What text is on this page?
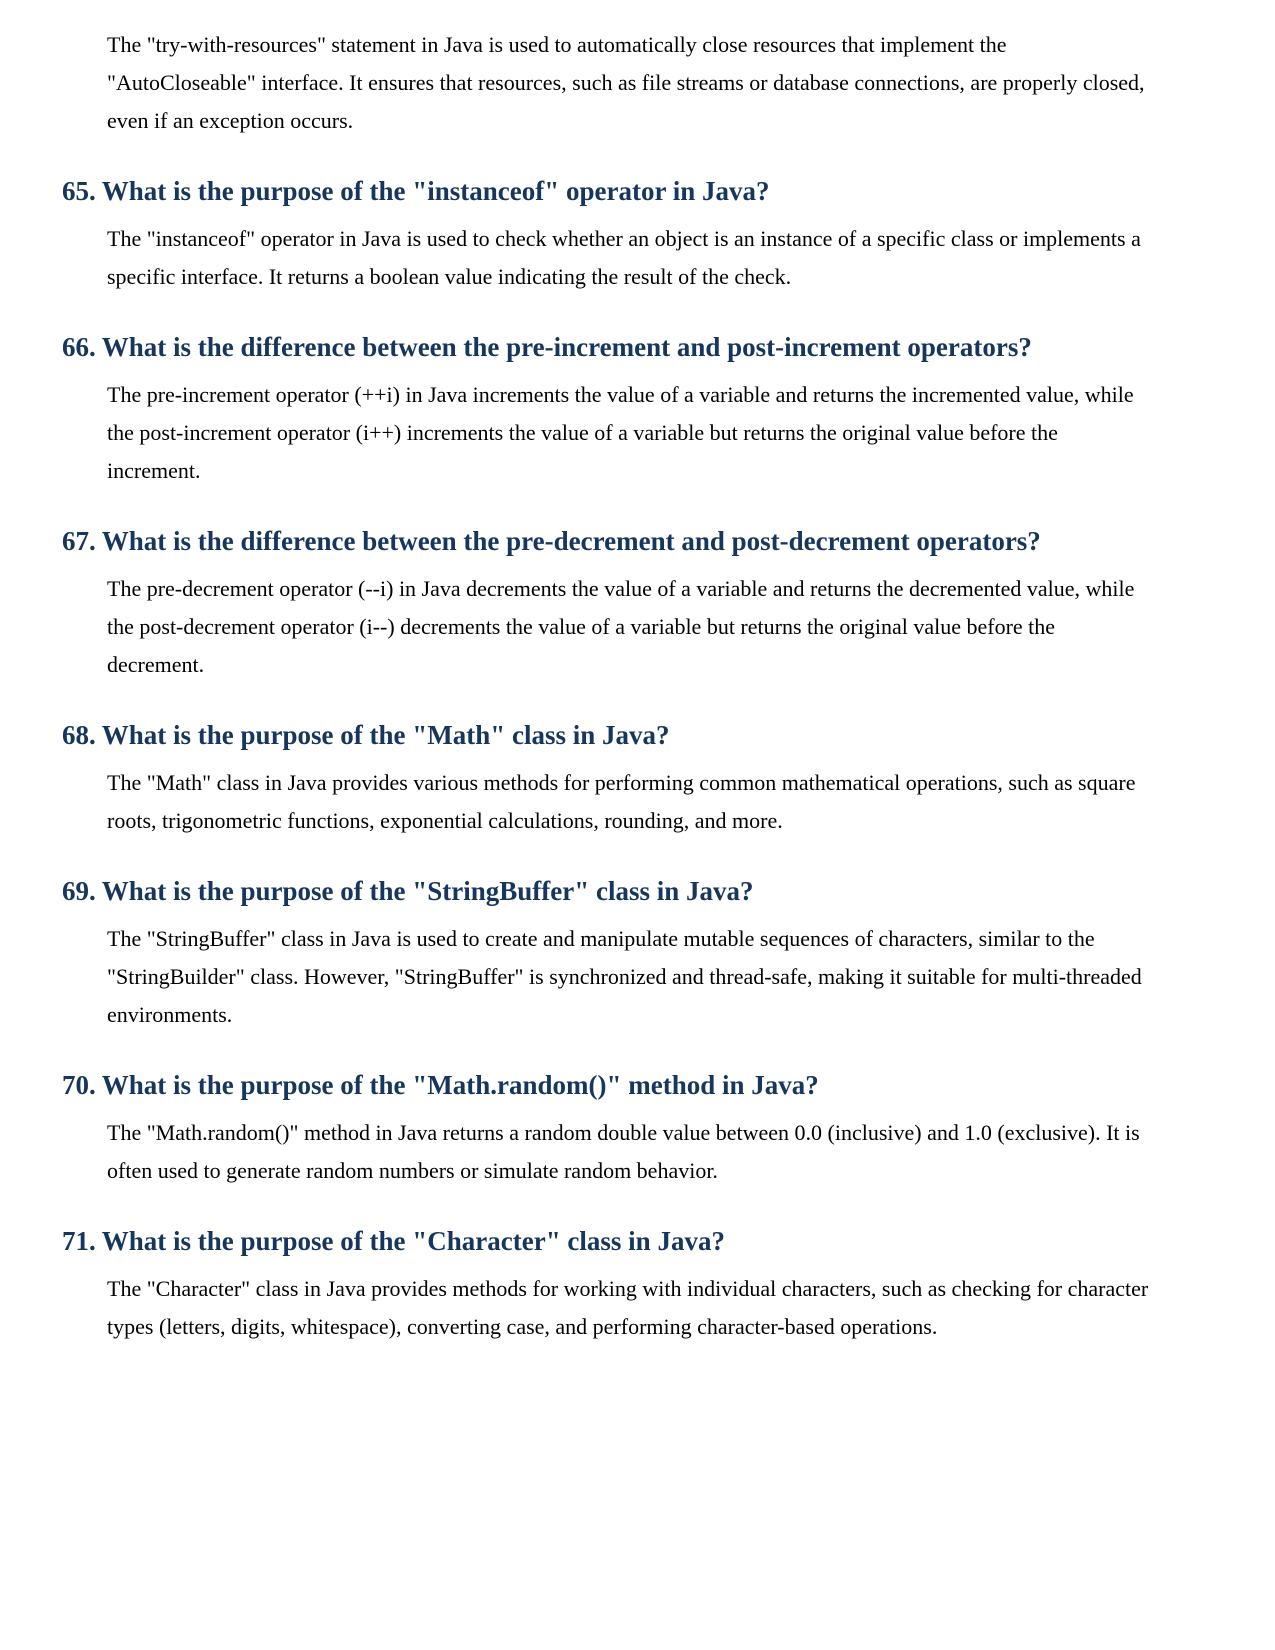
The "try-with-resources" statement in Java is used to automatically close resources that implement the "AutoCloseable" interface. It ensures that resources, such as file streams or database connections, are properly closed, even if an exception occurs.

65. What is the purpose of the "instanceof" operator in Java?

The "instanceof" operator in Java is used to check whether an object is an instance of a specific class or implements a specific interface. It returns a boolean value indicating the result of the check.

66. What is the difference between the pre-increment and post-increment operators?

The pre-increment operator (++i) in Java increments the value of a variable and returns the incremented value, while the post-increment operator (i++) increments the value of a variable but returns the original value before the increment.

67. What is the difference between the pre-decrement and post-decrement operators?

The pre-decrement operator (--i) in Java decrements the value of a variable and returns the decremented value, while the post-decrement operator (i--) decrements the value of a variable but returns the original value before the decrement.

68. What is the purpose of the "Math" class in Java?

The "Math" class in Java provides various methods for performing common mathematical operations, such as square roots, trigonometric functions, exponential calculations, rounding, and more.

69. What is the purpose of the "StringBuffer" class in Java?

The "StringBuffer" class in Java is used to create and manipulate mutable sequences of characters, similar to the "StringBuilder" class. However, "StringBuffer" is synchronized and thread-safe, making it suitable for multi-threaded environments.

70. What is the purpose of the "Math.random()" method in Java?

The "Math.random()" method in Java returns a random double value between 0.0 (inclusive) and 1.0 (exclusive). It is often used to generate random numbers or simulate random behavior.

71. What is the purpose of the "Character" class in Java?

The "Character" class in Java provides methods for working with individual characters, such as checking for character types (letters, digits, whitespace), converting case, and performing character-based operations.
